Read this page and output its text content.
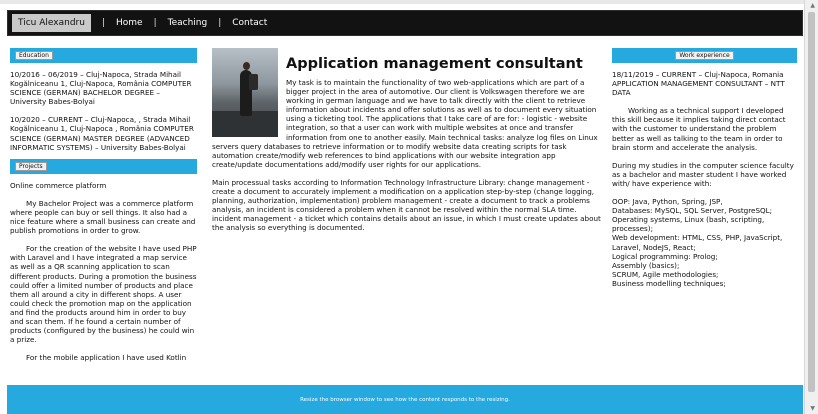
▲
▼
Ticu Alexandru	| Home | Teaching | Contact
Education

10/2016 – 06/2019 – Cluj-Napoca, Strada Mihail Kogălniceanu 1, Cluj-Napoca, România COMPUTER SCIENCE (GERMAN) BACHELOR DEGREE – University Babes-Bolyai

10/2020 – CURRENT – Cluj-Napoca, , Strada Mihail Kogălniceanu 1, Cluj-Napoca , România COMPUTER SCIENCE (GERMAN) MASTER DEGREE (ADVANCED INFORMATIC SYSTEMS) – University Babes-Bolyai

Projects

Online commerce platform

My Bachelor Project was a commerce platform where people can buy or sell things. It also had a nice feature where a small business can create and publish promotions in order to grow.

For the creation of the website I have used PHP with Laravel and I have integrated a map service as well as a QR scanning application to scan different products. During a promotion the business could offer a limited number of products and place them all around a city in different shops. A user could check the promotion map on the application and find the products around him in order to buy and scan them. If he found a certain number of products (configured by the business) he could win a prize.

For the mobile application I have used Kotlin

Application management consultant

My task is to maintain the functionality of two web-applications which are part of a bigger project in the area of automotive. Our client is Volkswagen therefore we are working in german language and we have to talk directly with the client to retrieve information about incidents and offer solutions as well as to document every situation using a ticketing tool. The applications that I take care of are for: - logistic - website integration, so that a user can work with multiple websites at once and transfer information from one to another easily. Main technical tasks: analyze log files on Linux servers query databases to retrieve information or to modify website data creating scripts for task automation create/modify web references to bind applications with our website integration app create/update documentations add/modify user rights for our applications.

Main processual tasks according to Information Technology Infrastructure Library: change management - create a document to accurately implement a modification on a application step-by-step (change logging, planning, authorization, implementation) problem management - create a document to track a problems analysis, an incident is considered a problem when it cannot be resolved within the normal SLA time. incident management - a ticket which contains details about an issue, in which I must create updates about the analysis so everything is documented.

Work experience

18/11/2019 – CURRENT – Cluj-Napoca, Romania APPLICATION MANAGEMENT CONSULTANT – NTT DATA

Working as a technical support I developed this skill because it implies taking direct contact with the customer to understand the problem better as well as talking to the team in order to brain storm and accelerate the analysis.

During my studies in the computer science faculty as a bachelor and master student I have worked with/ have experience with:

OOP: Java, Python, Spring, JSP,

Databases: MySQL, SQL Server, PostgreSQL;

Operating systems, Linux (bash, scripting, processes);

Web development: HTML, CSS, PHP, JavaScript, Laravel, NodeJS, React;

Logical programming: Prolog;

Assembly (basics);

SCRUM, Agile methodologies;

Business modelling techniques;

Resize the browser window to see how the content responds to the resizing.
